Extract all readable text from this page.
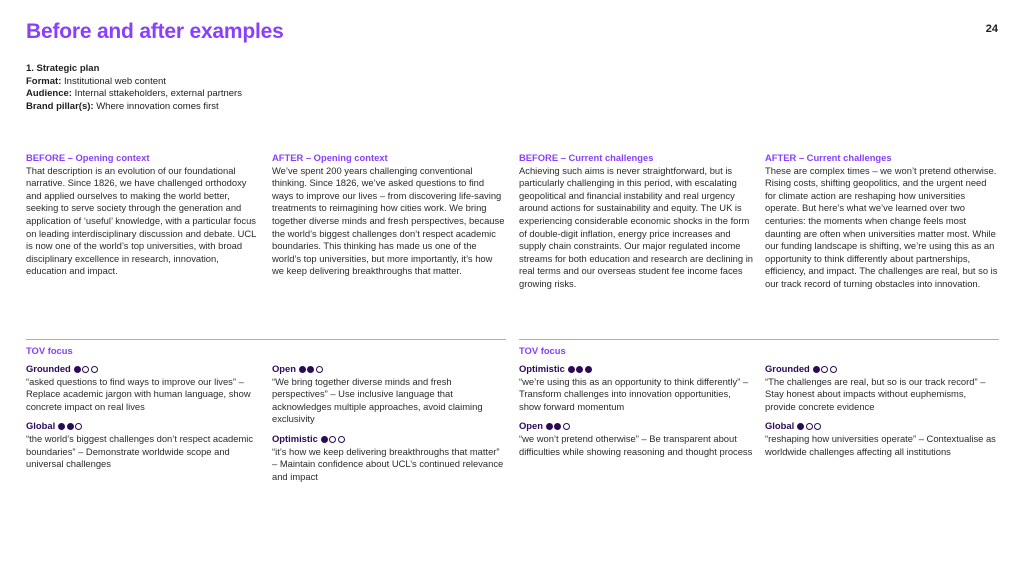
Before and after examples	24
1. Strategic plan
Format: Institutional web content
Audience: Internal sttakeholders, external partners
Brand pillar(s): Where innovation comes first
BEFORE – Opening context
That description is an evolution of our foundational narrative. Since 1826, we have challenged orthodoxy and applied ourselves to making the world better, seeking to serve society through the generation and application of ‘useful’ knowledge, with a particular focus on leading interdisciplinary discussion and debate. UCL is now one of the world’s top universities, with broad disciplinary excellence in research, innovation, education and impact.
AFTER – Opening context
We’ve spent 200 years challenging conventional thinking. Since 1826, we’ve asked questions to find ways to improve our lives – from discovering life-saving treatments to reimagining how cities work. We bring together diverse minds and fresh perspectives, because the world’s biggest challenges don’t respect academic boundaries. This thinking has made us one of the world’s top universities, but more importantly, it’s how we keep delivering breakthroughs that matter.
BEFORE – Current challenges
Achieving such aims is never straightforward, but is particularly challenging in this period, with escalating geopolitical and financial instability and real urgency around actions for sustainability and equity. The UK is experiencing considerable economic shocks in the form of double-digit inflation, energy price increases and supply chain constraints. Our major regulated income streams for both education and research are declining in real terms and our overseas student fee income faces growing risks.
AFTER – Current challenges
These are complex times – we won’t pretend otherwise. Rising costs, shifting geopolitics, and the urgent need for climate action are reshaping how universities operate. But here’s what we’ve learned over two centuries: the moments when change feels most daunting are often when universities matter most. While our funding landscape is shifting, we’re using this as an opportunity to think differently about partnerships, efficiency, and impact. The challenges are real, but so is our track record of turning obstacles into innovation.
TOV focus	TOV focus
Grounded
“asked questions to find ways to improve our lives” – Replace academic jargon with human language, show concrete impact on real lives
Global
“the world’s biggest challenges don’t respect academic boundaries” – Demonstrate worldwide scope and universal challenges
Open
“We bring together diverse minds and fresh perspectives” – Use inclusive language that acknowledges multiple approaches, avoid claiming exclusivity
Optimistic
“it’s how we keep delivering breakthroughs that matter” – Maintain confidence about UCL’s continued relevance and impact
Optimistic
“we’re using this as an opportunity to think differently” – Transform challenges into innovation opportunities, show forward momentum
Open
“we won’t pretend otherwise” – Be transparent about difficulties while showing reasoning and thought process
Grounded
“The challenges are real, but so is our track record” – Stay honest about impacts without euphemisms, provide concrete evidence
Global
“reshaping how universities operate” – Contextualise as worldwide challenges affecting all institutions
